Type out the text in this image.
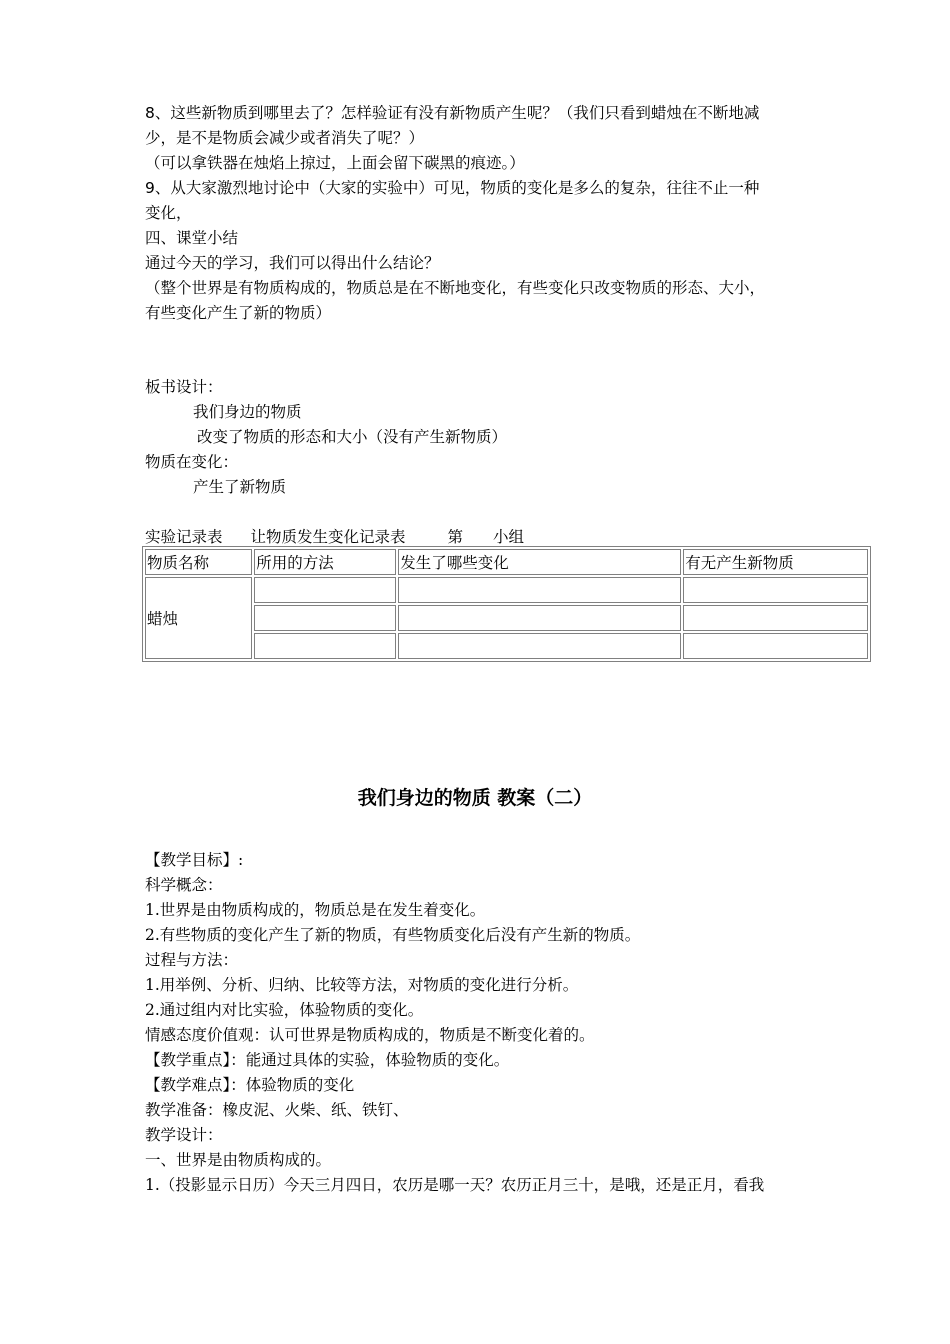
8、这些新物质到哪里去了？怎样验证有没有新物质产生呢？（我们只看到蜡烛在不断地减
少，是不是物质会减少或者消失了呢？）
（可以拿铁器在烛焰上掠过，上面会留下碳黑的痕迹。）
9、从大家激烈地讨论中（大家的实验中）可见，物质的变化是多么的复杂，往往不止一种
变化，
四、课堂小结
通过今天的学习，我们可以得出什么结论？
（整个世界是有物质构成的，物质总是在不断地变化，有些变化只改变物质的形态、大小，
有些变化产生了新的物质）
板书设计：
我们身边的物质
改变了物质的形态和大小（没有产生新物质）
物质在变化：
产生了新物质
实验记录表 让物质发生变化记录表	第 小组
物质名称	所用的方法	发生了哪些变化	有无产生新物质
蜡烛			

我们身边的物质 教案（二）
【教学目标】:
科学概念：
1.世界是由物质构成的，物质总是在发生着变化。
2.有些物质的变化产生了新的物质，有些物质变化后没有产生新的物质。
过程与方法：
1.用举例、分析、归纳、比较等方法，对物质的变化进行分析。
2.通过组内对比实验，体验物质的变化。
情感态度价值观：认可世界是物质构成的，物质是不断变化着的。
【教学重点】：能通过具体的实验，体验物质的变化。
【教学难点】：体验物质的变化
教学准备：橡皮泥、火柴、纸、铁钉、
教学设计：
一、世界是由物质构成的。
1.（投影显示日历）今天三月四日，农历是哪一天？农历正月三十，是哦，还是正月，看我
